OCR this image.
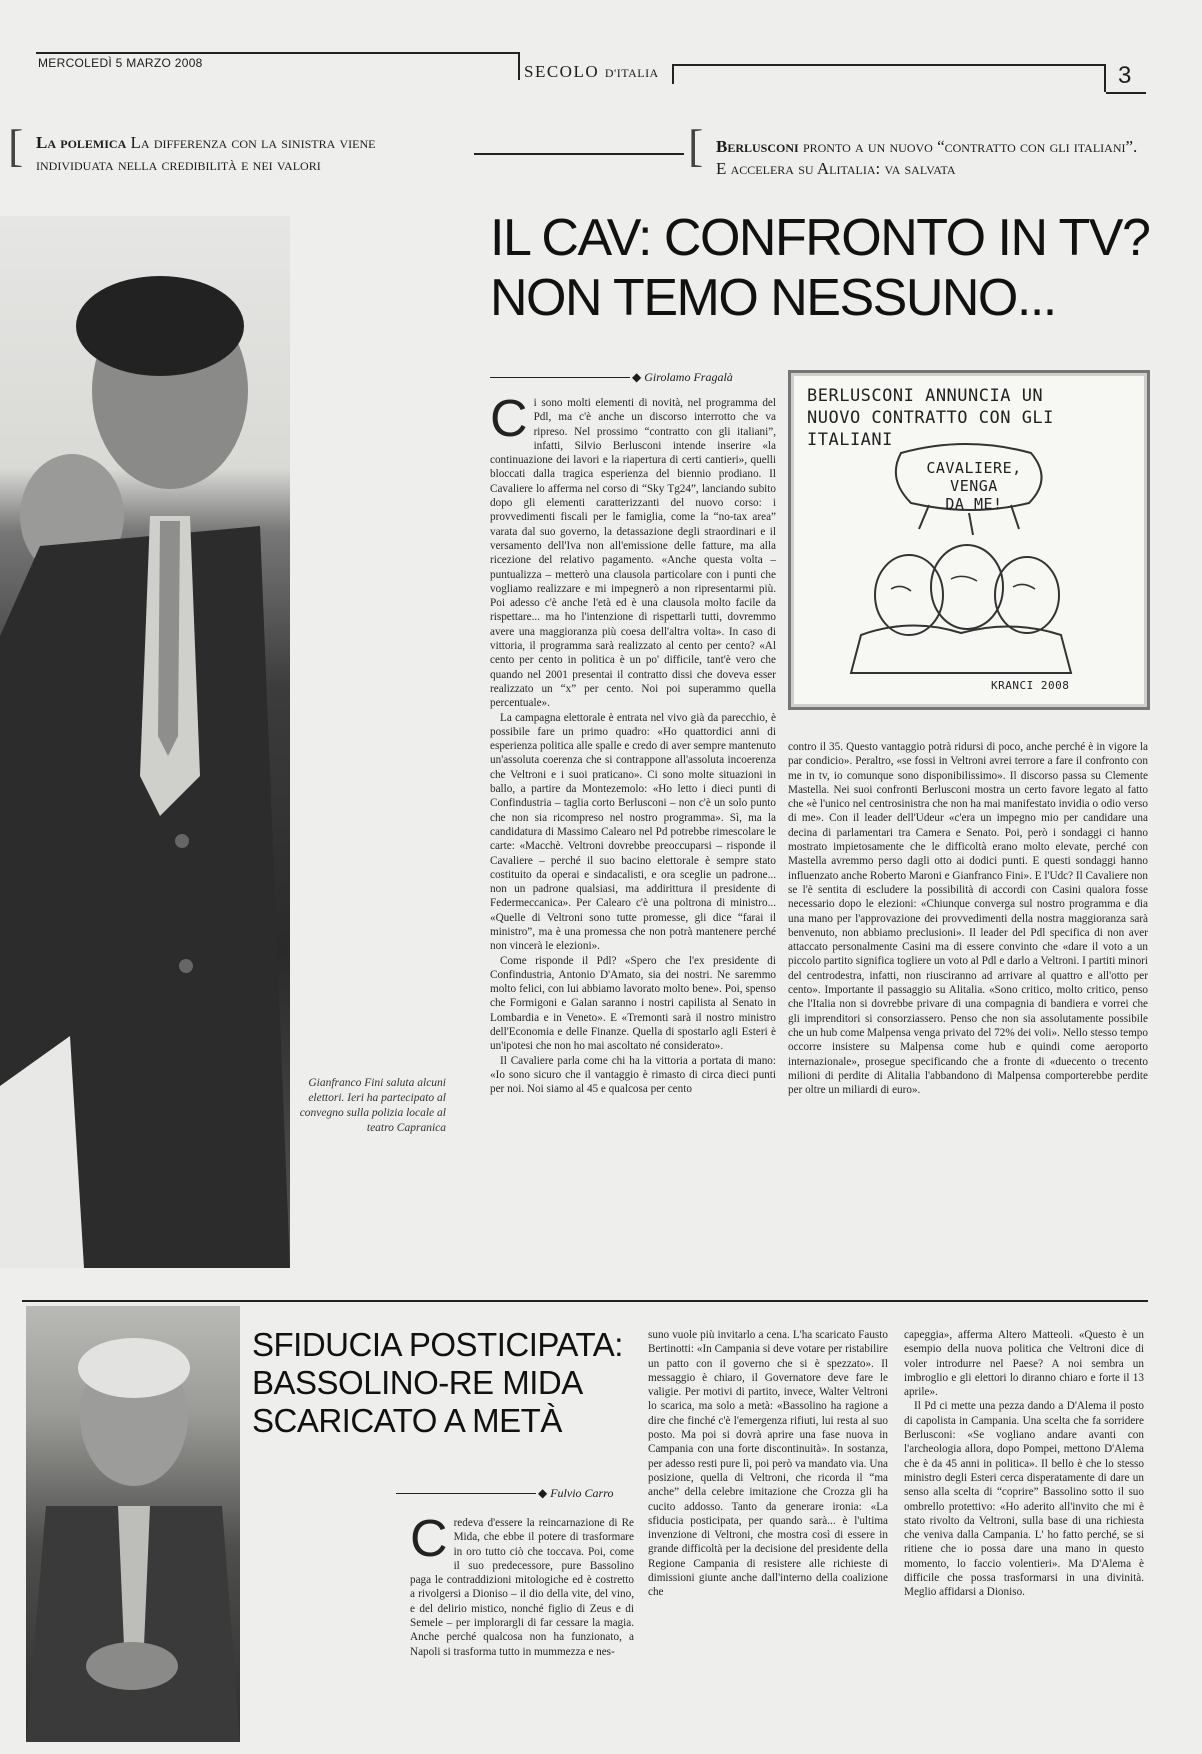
MERCOLEDÌ 5 MARZO 2008	SECOLO D'ITALIA	3
[ La polemica La differenza con la sinistra viene individuata nella credibilità e nei valori	[ Berlusconi pronto a un nuovo “contratto con gli italiani”. E accelera su Alitalia: va salvata
IL CAV: CONFRONTO IN TV?
NON TEMO NESSUNO...
Gianfranco Fini saluta alcuni elettori. Ieri ha partecipato al convegno sulla polizia locale al teatro Capranica
◆ Girolamo Fragalà
C i sono molti elementi di novità, nel programma del Pdl, ma c'è anche un discorso interrotto che va ripreso. Nel prossimo “contratto con gli italiani”, infatti, Silvio Berlusconi intende inserire «la continuazione dei lavori e la riapertura di certi cantieri», quelli bloccati dalla tragica esperienza del biennio prodiano. Il Cavaliere lo afferma nel corso di “Sky Tg24”, lanciando subito dopo gli elementi caratterizzanti del nuovo corso: i provvedimenti fiscali per le famiglia, come la “no-tax area” varata dal suo governo, la detassazione degli straordinari e il versamento dell'Iva non all'emissione delle fatture, ma alla ricezione del relativo pagamento. «Anche questa volta – puntualizza – metterò una clausola particolare con i punti che vogliamo realizzare e mi impegnerò a non ripresentarmi più. Poi adesso c'è anche l'età ed è una clausola molto facile da rispettare... ma ho l'intenzione di rispettarli tutti, dovremmo avere una maggioranza più coesa dell'altra volta». In caso di vittoria, il programma sarà realizzato al cento per cento? «Al cento per cento in politica è un po' difficile, tant'è vero che quando nel 2001 presentai il contratto dissi che doveva esser realizzato un “x” per cento. Noi poi superammo quella percentuale».

La campagna elettorale è entrata nel vivo già da parecchio, è possibile fare un primo quadro: «Ho quattordici anni di esperienza politica alle spalle e credo di aver sempre mantenuto un'assoluta coerenza che si contrappone all'assoluta incoerenza che Veltroni e i suoi praticano». Ci sono molte situazioni in ballo, a partire da Montezemolo: «Ho letto i dieci punti di Confindustria – taglia corto Berlusconi – non c'è un solo punto che non sia ricompreso nel nostro programma». Sì, ma la candidatura di Massimo Calearo nel Pd potrebbe rimescolare le carte: «Macchè. Veltroni dovrebbe preoccuparsi – risponde il Cavaliere – perché il suo bacino elettorale è sempre stato costituito da operai e sindacalisti, e ora sceglie un padrone... non un padrone qualsiasi, ma addirittura il presidente di Federmeccanica». Per Calearo c'è una poltrona di ministro... «Quelle di Veltroni sono tutte promesse, gli dice “farai il ministro”, ma è una promessa che non potrà mantenere perché non vincerà le elezioni».

Come risponde il Pdl? «Spero che l'ex presidente di Confindustria, Antonio D'Amato, sia dei nostri. Ne saremmo molto felici, con lui abbiamo lavorato molto bene». Poi, spenso che Formigoni e Galan saranno i nostri capilista al Senato in Lombardia e in Veneto». E «Tremonti sarà il nostro ministro dell'Economia e delle Finanze. Quella di spostarlo agli Esteri è un'ipotesi che non ho mai ascoltato né considerato».

Il Cavaliere parla come chi ha la vittoria a portata di mano: «Io sono sicuro che il vantaggio è rimasto di circa dieci punti per noi. Noi siamo al 45 e qualcosa per cento

BERLUSCONI ANNUNCIA UN
NUOVO CONTRATTO CON GLI ITALIANI
CAVALIERE, VENGA
DA ME!
KRANCI 2008

contro il 35. Questo vantaggio potrà ridursi di poco, anche perché è in vigore la par condicio». Peraltro, «se fossi in Veltroni avrei terrore a fare il confronto con me in tv, io comunque sono disponibilissimo». Il discorso passa su Clemente Mastella. Nei suoi confronti Berlusconi mostra un certo favore legato al fatto che «è l'unico nel centrosinistra che non ha mai manifestato invidia o odio verso di me». Con il leader dell'Udeur «c'era un impegno mio per candidare una decina di parlamentari tra Camera e Senato. Poi, però i sondaggi ci hanno mostrato impietosamente che le difficoltà erano molto elevate, perché con Mastella avremmo perso dagli otto ai dodici punti. E questi sondaggi hanno influenzato anche Roberto Maroni e Gianfranco Fini». E l'Udc? Il Cavaliere non se l'è sentita di escludere la possibilità di accordi con Casini qualora fosse necessario dopo le elezioni: «Chiunque converga sul nostro programma e dia una mano per l'approvazione dei provvedimenti della nostra maggioranza sarà benvenuto, non abbiamo preclusioni». Il leader del Pdl specifica di non aver attaccato personalmente Casini ma di essere convinto che «dare il voto a un piccolo partito significa togliere un voto al Pdl e darlo a Veltroni. I partiti minori del centrodestra, infatti, non riusciranno ad arrivare al quattro e all'otto per cento». Importante il passaggio su Alitalia. «Sono critico, molto critico, penso che l'Italia non si dovrebbe privare di una compagnia di bandiera e vorrei che gli imprenditori si consorziassero. Penso che non sia assolutamente possibile che un hub come Malpensa venga privato del 72% dei voli». Nello stesso tempo occorre insistere su Malpensa come hub e quindi come aeroporto internazionale», prosegue specificando che a fronte di «duecento o trecento milioni di perdite di Alitalia l'abbandono di Malpensa comporterebbe perdite per oltre un miliardi di euro».

SFIDUCIA POSTICIPATA:
BASSOLINO-RE MIDA
SCARICATO A METÀ
◆ Fulvio Carro
C redeva d'essere la reincarnazione di Re Mida, che ebbe il potere di trasformare in oro tutto ciò che toccava. Poi, come il suo predecessore, pure Bassolino paga le contraddizioni mitologiche ed è costretto a rivolgersi a Dioniso – il dio della vite, del vino, e del delirio mistico, nonché figlio di Zeus e di Semele – per implorargli di far cessare la magia. Anche perché qualcosa non ha funzionato, a Napoli si trasforma tutto in mummezza e nes-

suno vuole più invitarlo a cena. L'ha scaricato Fausto Bertinotti: «In Campania si deve votare per ristabilire un patto con il governo che si è spezzato». Il messaggio è chiaro, il Governatore deve fare le valigie. Per motivi di partito, invece, Walter Veltroni lo scarica, ma solo a metà: «Bassolino ha ragione a dire che finché c'è l'emergenza rifiuti, lui resta al suo posto. Ma poi si dovrà aprire una fase nuova in Campania con una forte discontinuità». In sostanza, per adesso resti pure lì, poi però va mandato via. Una posizione, quella di Veltroni, che ricorda il “ma anche” della celebre imitazione che Crozza gli ha cucito addosso. Tanto da generare ironia: «La sfiducia posticipata, per quando sarà... è l'ultima invenzione di Veltroni, che mostra così di essere in grande difficoltà per la decisione del presidente della Regione Campania di resistere alle richieste di dimissioni giunte anche dall'interno della coalizione che

capeggia», afferma Altero Matteoli. «Questo è un esempio della nuova politica che Veltroni dice di voler introdurre nel Paese? A noi sembra un imbroglio e gli elettori lo diranno chiaro e forte il 13 aprile».

Il Pd ci mette una pezza dando a D'Alema il posto di capolista in Campania. Una scelta che fa sorridere Berlusconi: «Se vogliano andare avanti con l'archeologia allora, dopo Pompei, mettono D'Alema che è da 45 anni in politica». Il bello è che lo stesso ministro degli Esteri cerca disperatamente di dare un senso alla scelta di “coprire” Bassolino sotto il suo ombrello protettivo: «Ho aderito all'invito che mi è stato rivolto da Veltroni, sulla base di una richiesta che veniva dalla Campania. L' ho fatto perché, se si ritiene che io possa dare una mano in questo momento, lo faccio volentieri». Ma D'Alema è difficile che possa trasformarsi in una divinità. Meglio affidarsi a Dioniso.
